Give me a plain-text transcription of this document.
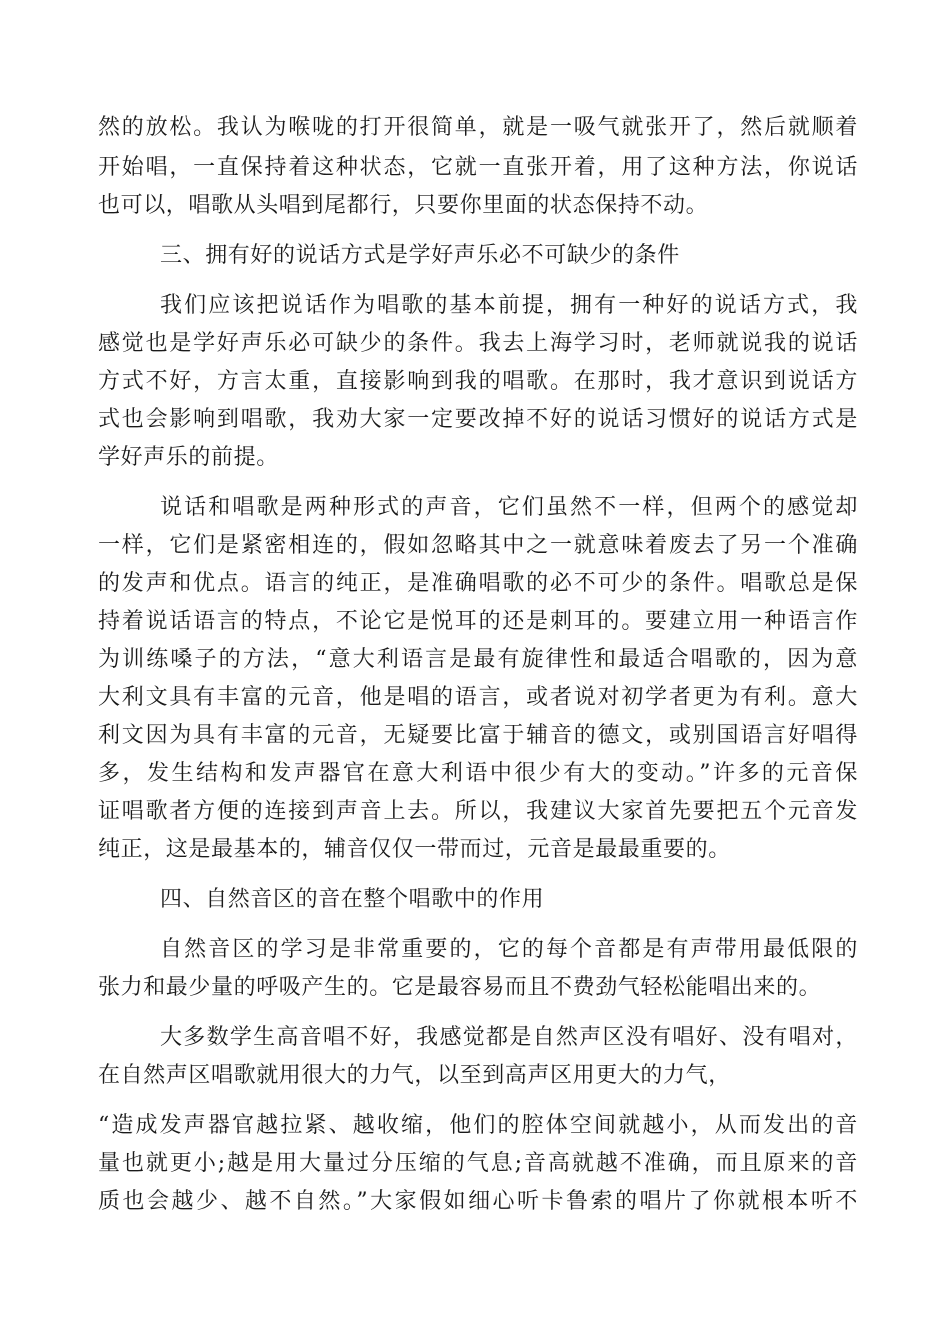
然的放松。我认为喉咙的打开很简单，就是一吸气就张开了，然后就顺着
开始唱，一直保持着这种状态，它就一直张开着，用了这种方法，你说话
也可以，唱歌从头唱到尾都行，只要你里面的状态保持不动。
三、拥有好的说话方式是学好声乐必不可缺少的条件
我们应该把说话作为唱歌的基本前提，拥有一种好的说话方式，我
感觉也是学好声乐必可缺少的条件。我去上海学习时，老师就说我的说话
方式不好，方言太重，直接影响到我的唱歌。在那时，我才意识到说话方
式也会影响到唱歌，我劝大家一定要改掉不好的说话习惯好的说话方式是
学好声乐的前提。
说话和唱歌是两种形式的声音，它们虽然不一样，但两个的感觉却
一样，它们是紧密相连的，假如忽略其中之一就意味着废去了另一个准确
的发声和优点。语言的纯正，是准确唱歌的必不可少的条件。唱歌总是保
持着说话语言的特点，不论它是悦耳的还是刺耳的。要建立用一种语言作
为训练嗓子的方法，“意大利语言是最有旋律性和最适合唱歌的，因为意
大利文具有丰富的元音，他是唱的语言，或者说对初学者更为有利。意大
利文因为具有丰富的元音，无疑要比富于辅音的德文，或别国语言好唱得
多，发生结构和发声器官在意大利语中很少有大的变动。”许多的元音保
证唱歌者方便的连接到声音上去。所以，我建议大家首先要把五个元音发
纯正，这是最基本的，辅音仅仅一带而过，元音是最最重要的。
四、自然音区的音在整个唱歌中的作用
自然音区的学习是非常重要的，它的每个音都是有声带用最低限的
张力和最少量的呼吸产生的。它是最容易而且不费劲气轻松能唱出来的。
大多数学生高音唱不好，我感觉都是自然声区没有唱好、没有唱对，
在自然声区唱歌就用很大的力气，以至到高声区用更大的力气，
“造成发声器官越拉紧、越收缩，他们的腔体空间就越小，从而发出的音
量也就更小;越是用大量过分压缩的气息;音高就越不准确，而且原来的音
质也会越少、越不自然。”大家假如细心听卡鲁索的唱片了你就根本听不
